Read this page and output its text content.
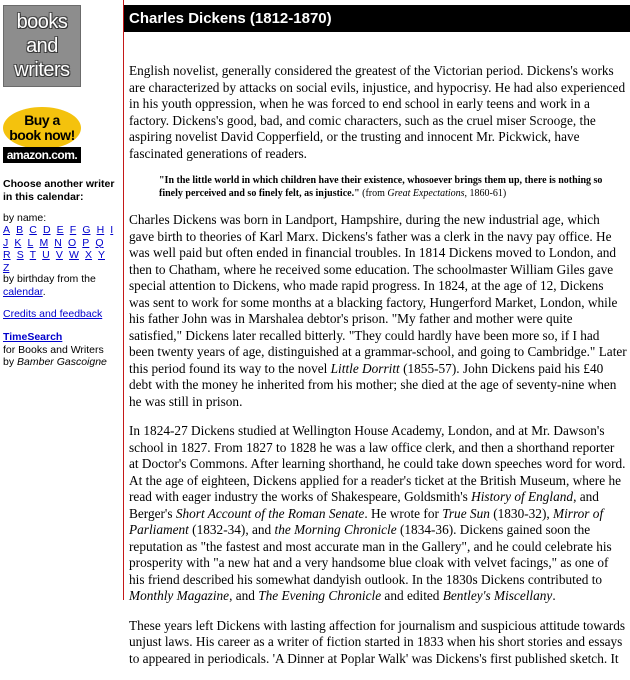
books
and
writers
Buy a
book now!
amazon.com.
Choose another writer in this calendar:
by name:
A B C D E F G H I J K L M N O P Q R S T U V W X Y Z
by birthday from the calendar.
Credits and feedback
TimeSearch
for Books and Writers
by Bamber Gascoigne
Charles Dickens (1812-1870)

English novelist, generally considered the greatest of the Victorian period. Dickens's works are characterized by attacks on social evils, injustice, and hypocrisy. He had also experienced in his youth oppression, when he was forced to end school in early teens and work in a factory. Dickens's good, bad, and comic characters, such as the cruel miser Scrooge, the aspiring novelist David Copperfield, or the trusting and innocent Mr. Pickwick, have fascinated generations of readers.

"In the little world in which children have their existence, whosoever brings them up, there is nothing so finely perceived and so finely felt, as injustice." (from Great Expectations, 1860-61)

Charles Dickens was born in Landport, Hampshire, during the new industrial age, which gave birth to theories of Karl Marx. Dickens's father was a clerk in the navy pay office. He was well paid but often ended in financial troubles. In 1814 Dickens moved to London, and then to Chatham, where he received some education. The schoolmaster William Giles gave special attention to Dickens, who made rapid progress. In 1824, at the age of 12, Dickens was sent to work for some months at a blacking factory, Hungerford Market, London, while his father John was in Marshalea debtor's prison. "My father and mother were quite satisfied," Dickens later recalled bitterly. "They could hardly have been more so, if I had been twenty years of age, distinguished at a grammar-school, and going to Cambridge." Later this period found its way to the novel Little Dorritt (1855-57). John Dickens paid his £40 debt with the money he inherited from his mother; she died at the age of seventy-nine when he was still in prison.

In 1824-27 Dickens studied at Wellington House Academy, London, and at Mr. Dawson's school in 1827. From 1827 to 1828 he was a law office clerk, and then a shorthand reporter at Doctor's Commons. After learning shorthand, he could take down speeches word for word. At the age of eighteen, Dickens applied for a reader's ticket at the British Museum, where he read with eager industry the works of Shakespeare, Goldsmith's History of England, and Berger's Short Account of the Roman Senate. He wrote for True Sun (1830-32), Mirror of Parliament (1832-34), and the Morning Chronicle (1834-36). Dickens gained soon the reputation as "the fastest and most accurate man in the Gallery", and he could celebrate his prosperity with "a new hat and a very handsome blue cloak with velvet facings," as one of his friend described his somewhat dandyish outlook. In the 1830s Dickens contributed to Monthly Magazine, and The Evening Chronicle and edited Bentley's Miscellany.

These years left Dickens with lasting affection for journalism and suspicious attitude towards unjust laws. His career as a writer of fiction started in 1833 when his short stories and essays to appeared in periodicals. 'A Dinner at Poplar Walk' was Dickens's first published sketch. It
